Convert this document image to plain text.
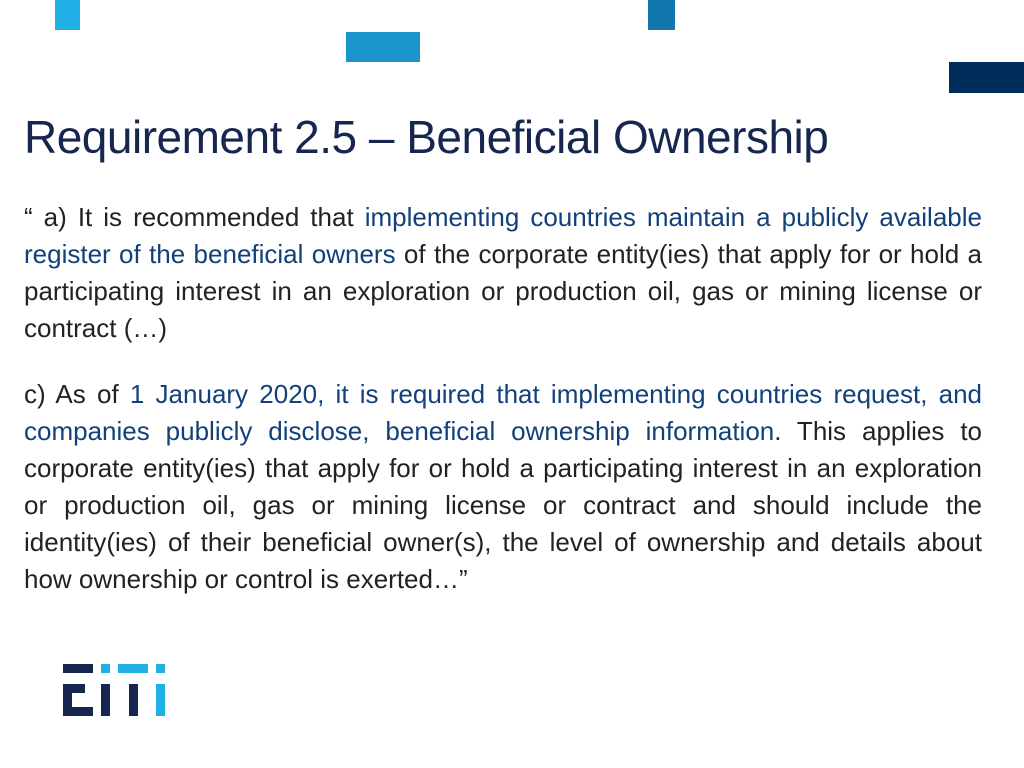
Requirement 2.5 – Beneficial Ownership

“ a) It is recommended that implementing countries maintain a publicly available register of the beneficial owners of the corporate entity(ies) that apply for or hold a participating interest in an exploration or production oil, gas or mining license or contract (…)

c) As of 1 January 2020, it is required that implementing countries request, and companies publicly disclose, beneficial ownership information. This applies to corporate entity(ies) that apply for or hold a participating interest in an exploration or production oil, gas or mining license or contract and should include the identity(ies) of their beneficial owner(s), the level of ownership and details about how ownership or control is exerted…”
